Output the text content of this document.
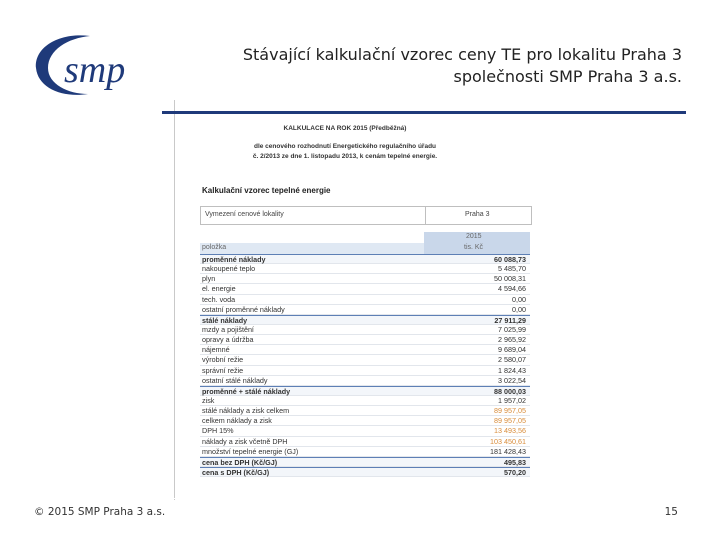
smp	Stávající kalkulační vzorec ceny TE pro lokalitu Praha 3
společnosti SMP Praha 3 a.s.
KALKULACE NA ROK 2015 (Předběžná)
dle cenového rozhodnutí Energetického regulačního úřadu
č. 2/2013 ze dne 1. listopadu 2013, k cenám tepelné energie.
Kalkulační vzorec tepelné energie
Vymezení cenové lokality	Praha 3
2015
položka	tis. Kč
proměnné náklady	60 088,73
nakoupené teplo	5 485,70
plyn	50 008,31
el. energie	4 594,66
tech. voda	0,00
ostatní proměnné náklady	0,00
stálé náklady	27 911,29
mzdy a pojištění	7 025,99
opravy a údržba	2 965,92
nájemné	9 689,04
výrobní režie	2 580,07
správní režie	1 824,43
ostatní stálé náklady	3 022,54
proměnné + stálé náklady	88 000,03
zisk	1 957,02
stálé náklady a zisk celkem	89 957,05
celkem náklady a zisk	89 957,05
DPH 15%	13 493,56
náklady a zisk včetně DPH	103 450,61
množství tepelné energie (GJ)	181 428,43
cena bez DPH (Kč/GJ)	495,83
cena s DPH (Kč/GJ)	570,20
© 2015 SMP Praha 3 a.s.	15
